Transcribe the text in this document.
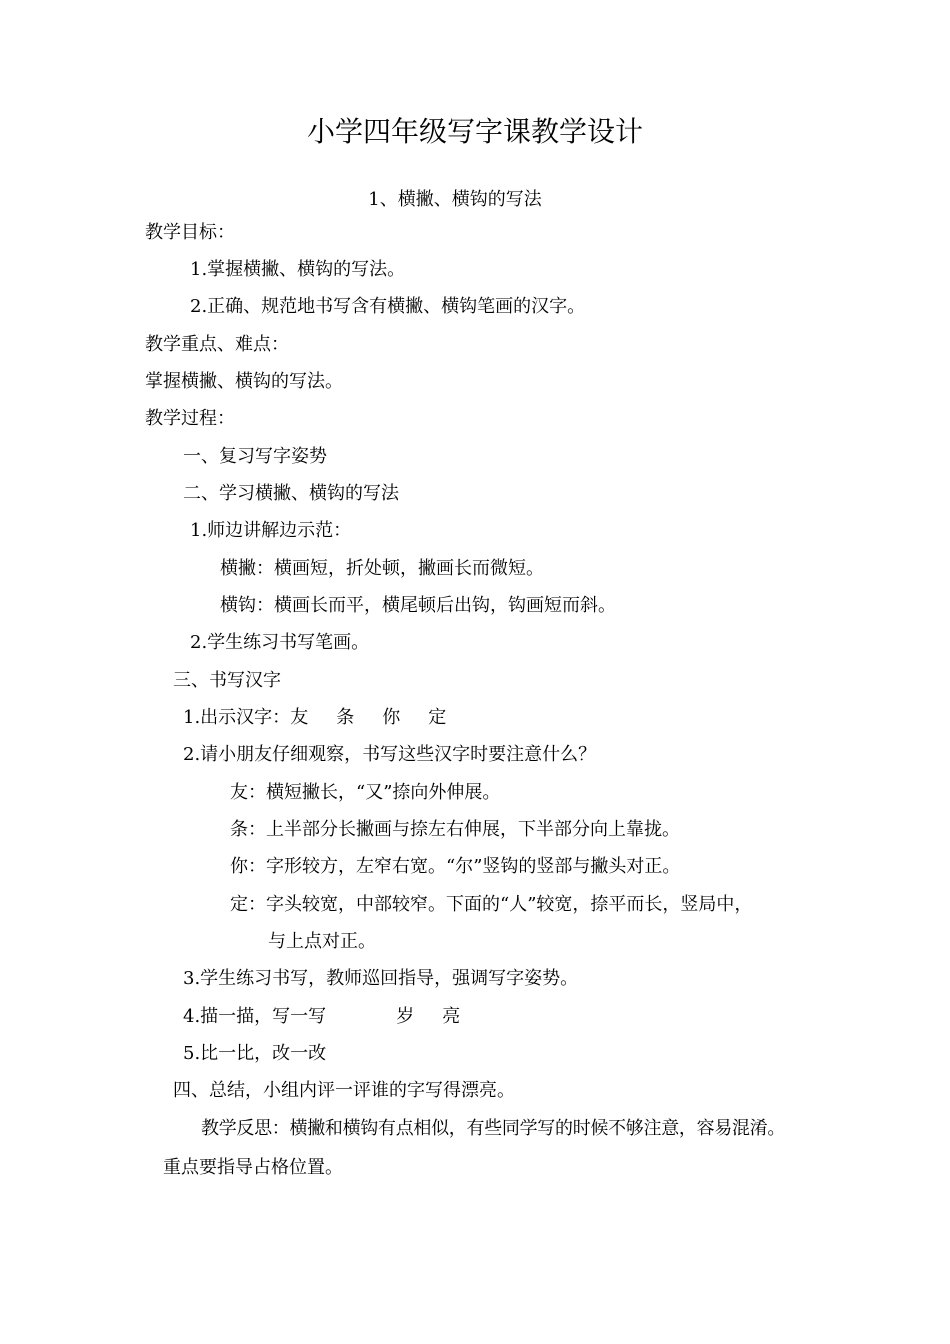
小学四年级写字课教学设计
1、横撇、横钩的写法
教学目标：
1.掌握横撇、横钩的写法。
2.正确、规范地书写含有横撇、横钩笔画的汉字。
教学重点、难点：
掌握横撇、横钩的写法。
教学过程：
一、复习写字姿势
二、学习横撇、横钩的写法
1.师边讲解边示范：
横撇：横画短，折处顿，撇画长而微短。
横钩：横画长而平，横尾顿后出钩，钩画短而斜。
2.学生练习书写笔画。
三、书写汉字
1.出示汉字：友 条 你 定
2.请小朋友仔细观察，书写这些汉字时要注意什么？
友：横短撇长，“又”捺向外伸展。
条：上半部分长撇画与捺左右伸展，下半部分向上靠拢。
你：字形较方，左窄右宽。“尔”竖钩的竖部与撇头对正。
定：字头较宽，中部较窄。下面的“人”较宽，捺平而长，竖局中，
与上点对正。
3.学生练习书写，教师巡回指导，强调写字姿势。
4.描一描，写一写	岁 亮
5.比一比，改一改
四、总结，小组内评一评谁的字写得漂亮。
教学反思：横撇和横钩有点相似，有些同学写的时候不够注意，容易混淆。
重点要指导占格位置。
